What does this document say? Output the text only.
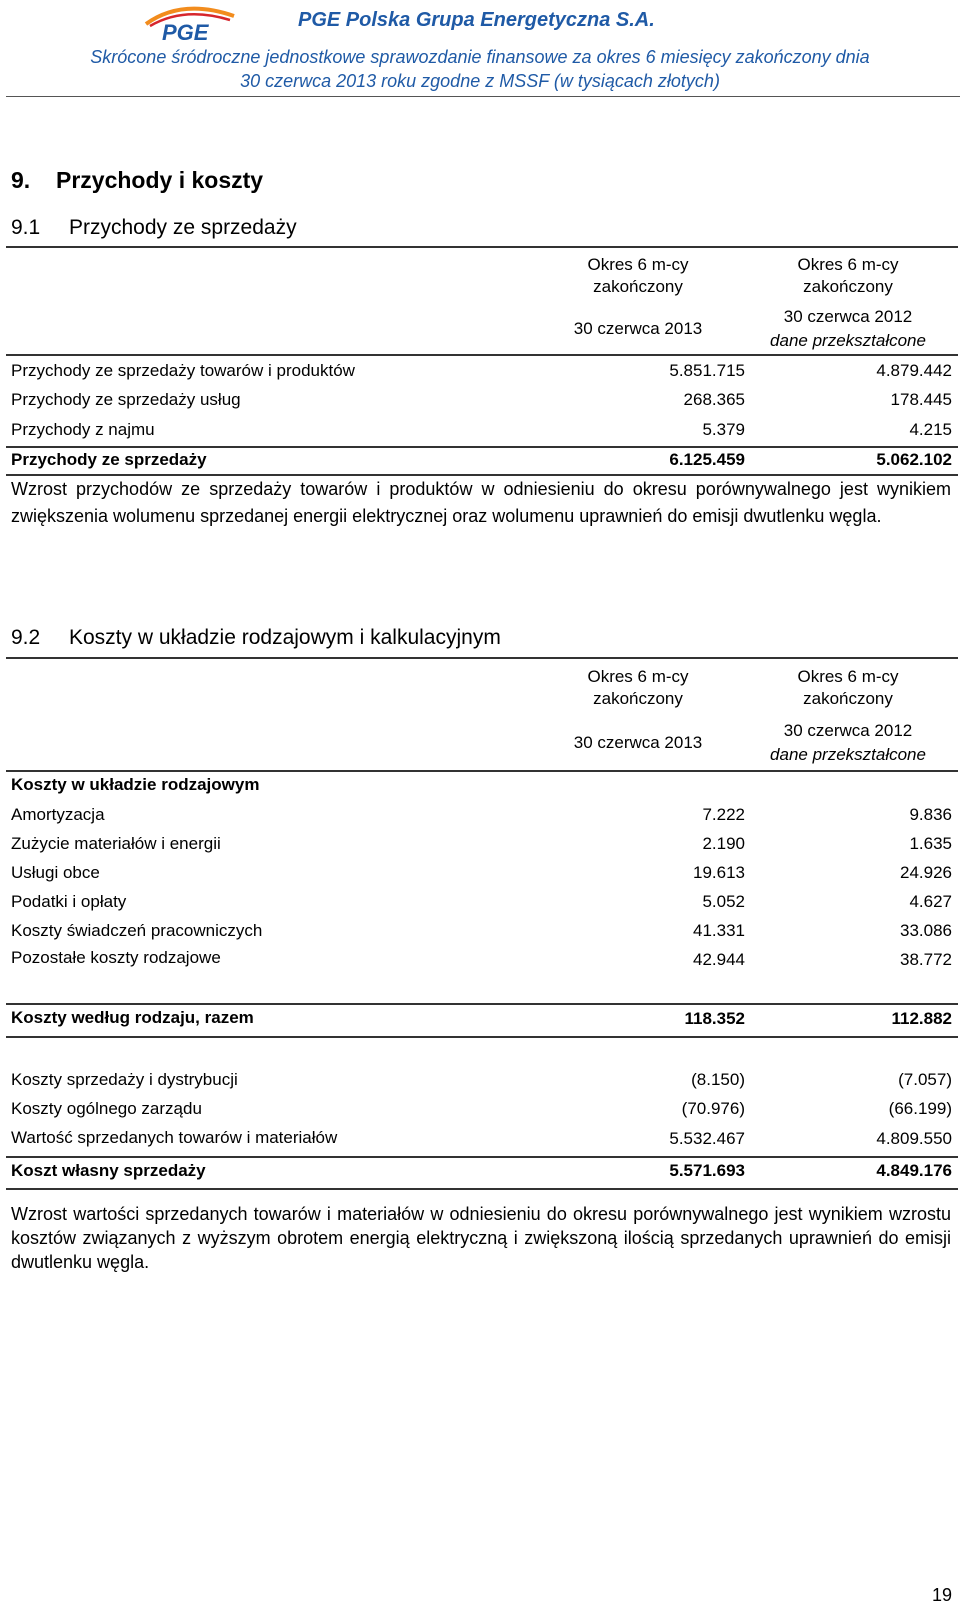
PGE	PGE Polska Grupa Energetyczna S.A.
Skrócone śródroczne jednostkowe sprawozdanie finansowe za okres 6 miesięcy zakończony dnia
30 czerwca 2013 roku zgodne z MSSF (w tysiącach złotych)
9. Przychody i koszty
9.1 Przychody ze sprzedaży
Okres 6 m-cy
zakończony
30 czerwca 2013
Okres 6 m-cy
zakończony
30 czerwca 2012
dane przekształcone
Przychody ze sprzedaży towarów i produktów	5.851.715	4.879.442
Przychody ze sprzedaży usług	268.365	178.445
Przychody z najmu	5.379	4.215
Przychody ze sprzedaży	6.125.459	5.062.102
Wzrost przychodów ze sprzedaży towarów i produktów w odniesieniu do okresu porównywalnego jest wynikiem zwiększenia wolumenu sprzedanej energii elektrycznej oraz wolumenu uprawnień do emisji dwutlenku węgla.
9.2 Koszty w układzie rodzajowym i kalkulacyjnym
Okres 6 m-cy
zakończony
30 czerwca 2013
Okres 6 m-cy
zakończony
30 czerwca 2012
dane przekształcone
Koszty w układzie rodzajowym
Amortyzacja	7.222	9.836
Zużycie materiałów i energii	2.190	1.635
Usługi obce	19.613	24.926
Podatki i opłaty	5.052	4.627
Koszty świadczeń pracowniczych	41.331	33.086
Pozostałe koszty rodzajowe	42.944	38.772
Koszty według rodzaju, razem	118.352	112.882
Koszty sprzedaży i dystrybucji	(8.150)	(7.057)
Koszty ogólnego zarządu	(70.976)	(66.199)
Wartość sprzedanych towarów i materiałów	5.532.467	4.809.550
Koszt własny sprzedaży	5.571.693	4.849.176
Wzrost wartości sprzedanych towarów i materiałów w odniesieniu do okresu porównywalnego jest wynikiem wzrostu kosztów związanych z wyższym obrotem energią elektryczną i zwiększoną ilością sprzedanych uprawnień do emisji dwutlenku węgla.
19
